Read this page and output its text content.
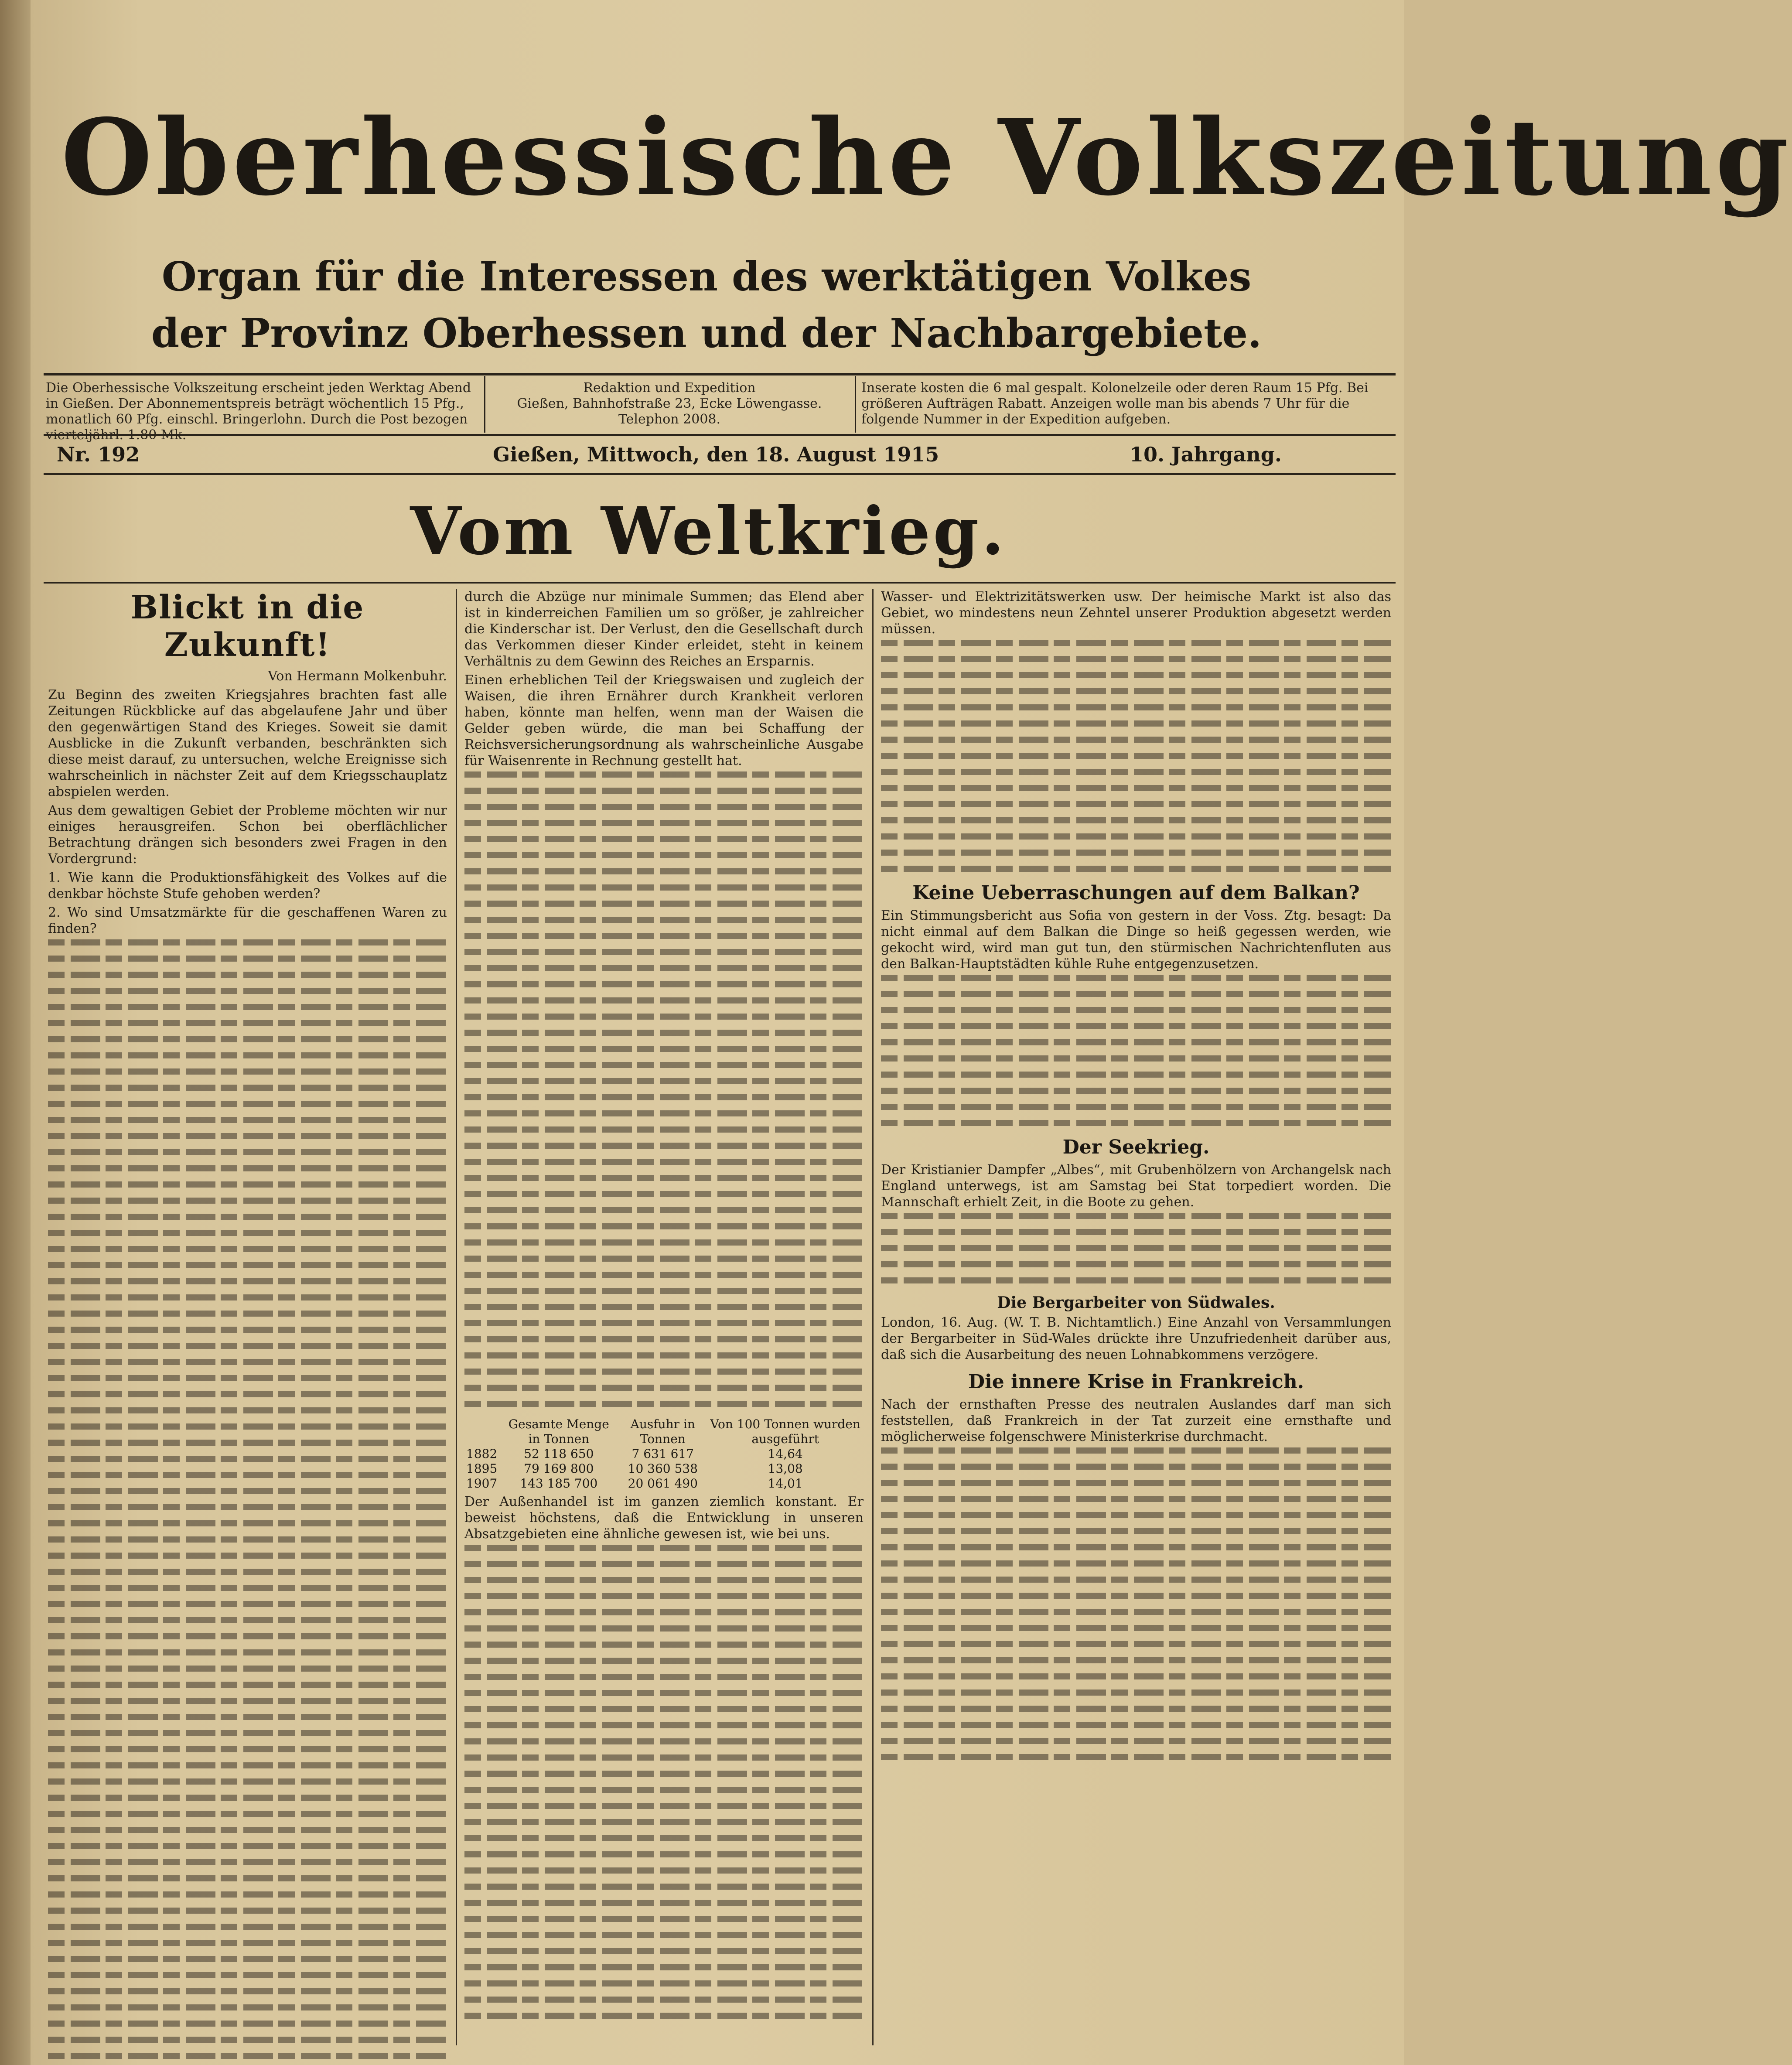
Oberhessische Volkszeitung
Organ für die Interessen des werktätigen Volkes
der Provinz Oberhessen und der Nachbargebiete.
Die Oberhessische Volkszeitung erscheint jeden Werktag Abend in Gießen. Der Abonnementspreis beträgt wöchentlich 15 Pfg., monatlich 60 Pfg. einschl. Bringerlohn. Durch die Post bezogen vierteljährl. 1.80 Mk.
Redaktion und Expedition
Gießen, Bahnhofstraße 23, Ecke Löwengasse.
Telephon 2008.
Inserate kosten die 6 mal gespalt. Kolonelzeile oder deren Raum 15 Pfg. Bei größeren Aufträgen Rabatt. Anzeigen wolle man bis abends 7 Uhr für die folgende Nummer in der Expedition aufgeben.
Nr. 192	Gießen, Mittwoch, den 18. August 1915	10. Jahrgang.
Vom Weltkrieg.
Blickt in die Zukunft!
Von Hermann Molkenbuhr.

Zu Beginn des zweiten Kriegsjahres brachten fast alle Zeitungen Rückblicke auf das abgelaufene Jahr und über den gegenwärtigen Stand des Krieges. Soweit sie damit Ausblicke in die Zukunft verbanden, beschränkten sich diese meist darauf, zu untersuchen, welche Ereignisse sich wahrscheinlich in nächster Zeit auf dem Kriegsschauplatz abspielen werden.

Aus dem gewaltigen Gebiet der Probleme möchten wir nur einiges herausgreifen. Schon bei oberflächlicher Betrachtung drängen sich besonders zwei Fragen in den Vordergrund:

1. Wie kann die Produktionsfähigkeit des Volkes auf die denkbar höchste Stufe gehoben werden?

2. Wo sind Umsatzmärkte für die geschaffenen Waren zu finden?

durch die Abzüge nur minimale Summen; das Elend aber ist in kinderreichen Familien um so größer, je zahlreicher die Kinderschar ist. Der Verlust, den die Gesellschaft durch das Verkommen dieser Kinder erleidet, steht in keinem Verhältnis zu dem Gewinn des Reiches an Ersparnis.

Einen erheblichen Teil der Kriegswaisen und zugleich der Waisen, die ihren Ernährer durch Krankheit verloren haben, könnte man helfen, wenn man der Waisen die Gelder geben würde, die man bei Schaffung der Reichsversicherungsordnung als wahrscheinliche Ausgabe für Waisenrente in Rechnung gestellt hat.

	Gesamte Menge in Tonnen	Ausfuhr in Tonnen	Von 100 Tonnen wurden ausgeführt
1882	52 118 650	7 631 617	14,64
1895	79 169 800	10 360 538	13,08
1907	143 185 700	20 061 490	14,01

Der Außenhandel ist im ganzen ziemlich konstant. Er beweist höchstens, daß die Entwicklung in unseren Absatzgebieten eine ähnliche gewesen ist, wie bei uns.

Wasser- und Elektrizitätswerken usw. Der heimische Markt ist also das Gebiet, wo mindestens neun Zehntel unserer Produktion abgesetzt werden müssen.

Keine Ueberraschungen auf dem Balkan?

Ein Stimmungsbericht aus Sofia von gestern in der Voss. Ztg. besagt: Da nicht einmal auf dem Balkan die Dinge so heiß gegessen werden, wie gekocht wird, wird man gut tun, den stürmischen Nachrichtenfluten aus den Balkan-Hauptstädten kühle Ruhe entgegenzusetzen.

Der Seekrieg.

Der Kristianier Dampfer „Albes“, mit Grubenhölzern von Archangelsk nach England unterwegs, ist am Samstag bei Stat torpediert worden. Die Mannschaft erhielt Zeit, in die Boote zu gehen.

Die Bergarbeiter von Südwales.

London, 16. Aug. (W. T. B. Nichtamtlich.) Eine Anzahl von Versammlungen der Bergarbeiter in Süd-Wales drückte ihre Unzufriedenheit darüber aus, daß sich die Ausarbeitung des neuen Lohnabkommens verzögere.

Die innere Krise in Frankreich.

Nach der ernsthaften Presse des neutralen Auslandes darf man sich feststellen, daß Frankreich in der Tat zurzeit eine ernsthafte und möglicherweise folgenschwere Ministerkrise durchmacht.
